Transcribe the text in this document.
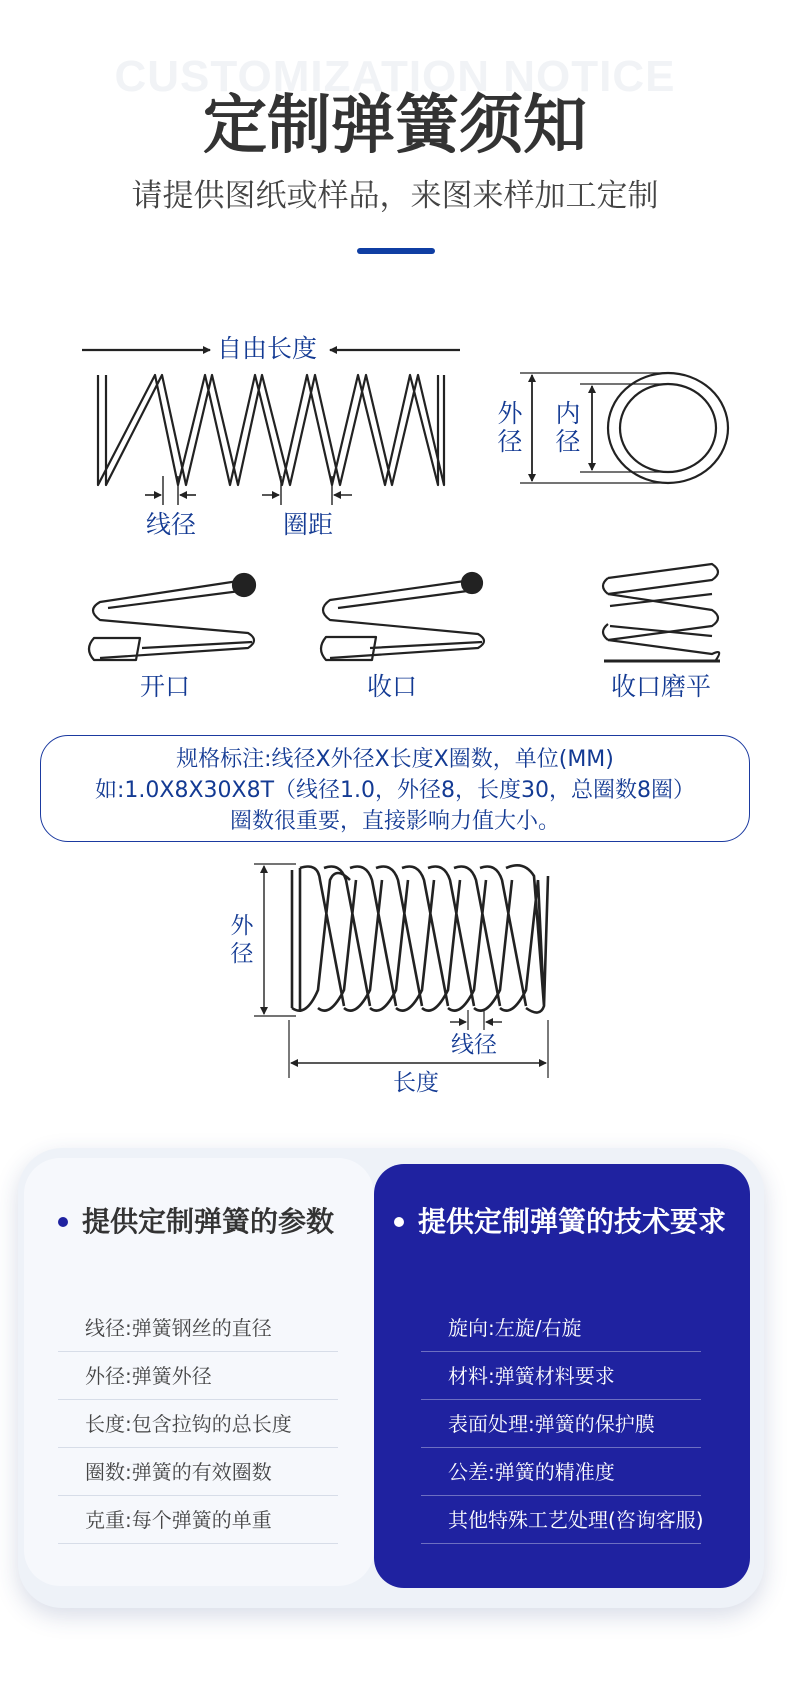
CUSTOMIZATION NOTICE
定制弹簧须知
请提供图纸或样品，来图来样加工定制
自由长度
线径	圈距
外径
内径
开口	收口	收口磨平
规格标注:线径X外径X长度X圈数，单位(MM)
如:1.0X8X30X8T（线径1.0，外径8，长度30，总圈数8圈）
圈数很重要，直接影响力值大小。
外径
线径
长度
提供定制弹簧的参数	提供定制弹簧的技术要求
线径:弹簧钢丝的直径
外径:弹簧外径
长度:包含拉钩的总长度
圈数:弹簧的有效圈数
克重:每个弹簧的单重
旋向:左旋/右旋
材料:弹簧材料要求
表面处理:弹簧的保护膜
公差:弹簧的精准度
其他特殊工艺处理(咨询客服)
